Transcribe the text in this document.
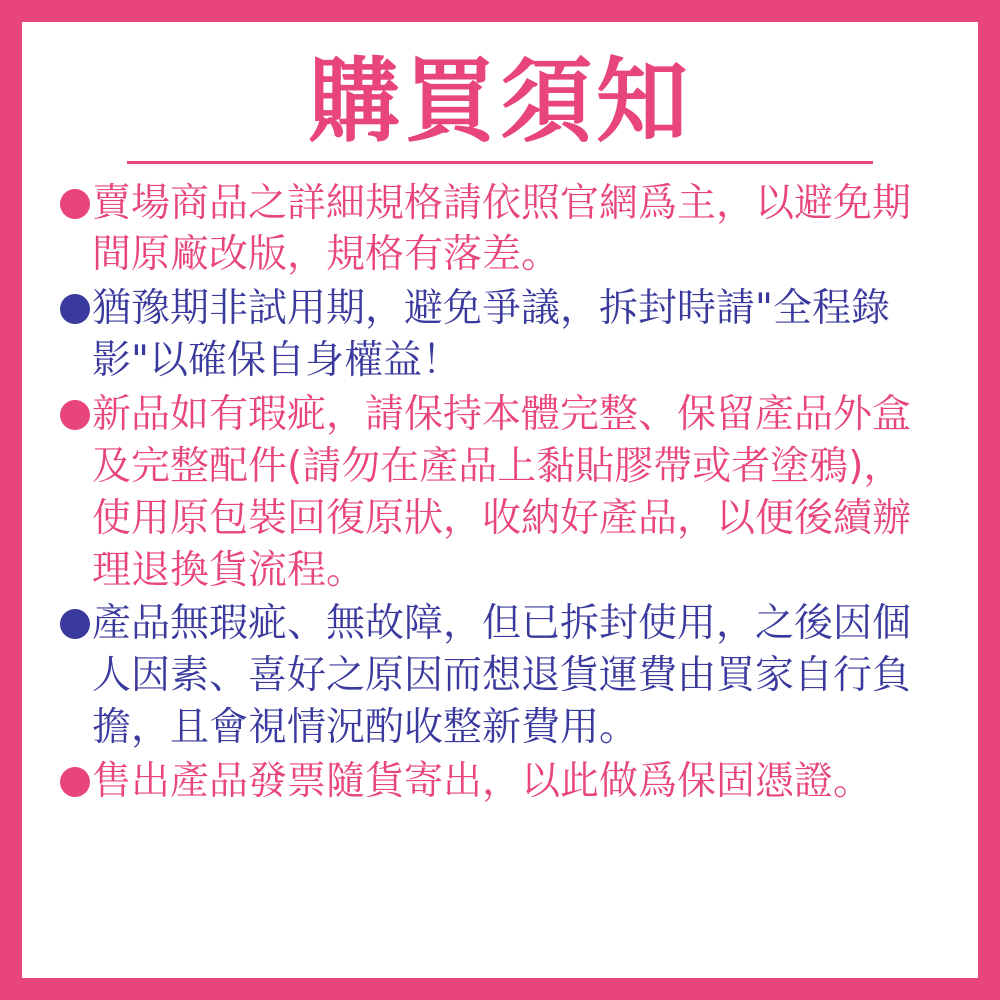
購買須知
賣場商品之詳細規格請依照官網爲主，以避免期間原廠改版，規格有落差。
猶豫期非試用期，避免爭議，拆封時請"全程錄影"以確保自身權益！
新品如有瑕疵，請保持本體完整、保留產品外盒及完整配件(請勿在產品上黏貼膠帶或者塗鴉)，使用原包裝回復原狀，收納好產品，以便後續辦理退換貨流程。
產品無瑕疵、無故障，但已拆封使用，之後因個人因素、喜好之原因而想退貨運費由買家自行負擔，且會視情況酌收整新費用。
售出產品發票隨貨寄出，以此做爲保固憑證。
